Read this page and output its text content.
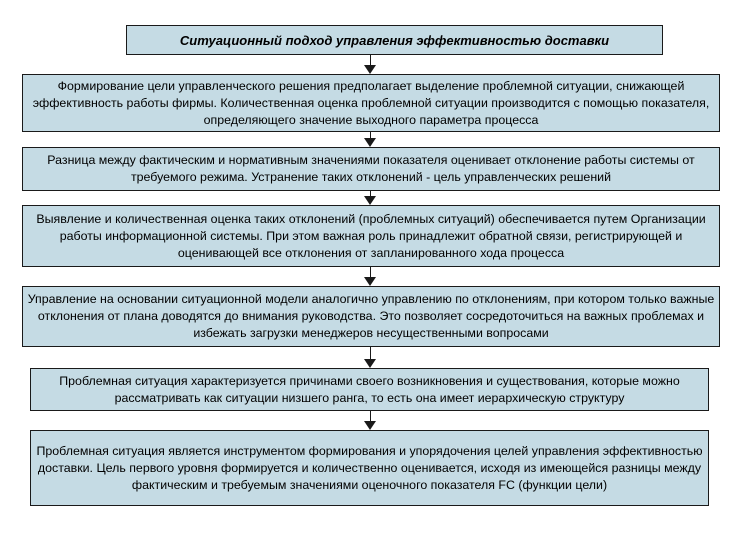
Ситуационный подход управления эффективностью доставки
Формирование цели управленческого решения предполагает выделение проблемной ситуации, снижающей эффективность работы фирмы. Количественная оценка проблемной ситуации производится с помощью показателя, определяющего значение выходного параметра процесса
Разница между фактическим и нормативным значениями показателя оценивает отклонение работы системы от требуемого режима. Устранение таких отклонений - цель управленческих решений
Выявление и количественная оценка таких отклонений (проблемных ситуаций) обеспечивается путем Организации работы информационной системы. При этом важная роль принадлежит обратной связи, регистрирующей и оценивающей все отклонения от запланированного хода процесса
Управление на основании ситуационной модели аналогично управлению по отклонениям, при котором только важные отклонения от плана доводятся до внимания руководства. Это позволяет сосредоточиться на важных проблемах и избежать загрузки менеджеров несущественными вопросами
Проблемная ситуация характеризуется причинами своего возникновения и существования, которые можно рассматривать как ситуации низшего ранга, то есть она имеет иерархическую структуру
Проблемная ситуация является инструментом формирования и упорядочения целей управления эффективностью доставки. Цель первого уровня формируется и количественно оценивается, исходя из имеющейся разницы между фактическим и требуемым значениями оценочного показателя FC (функции цели)
